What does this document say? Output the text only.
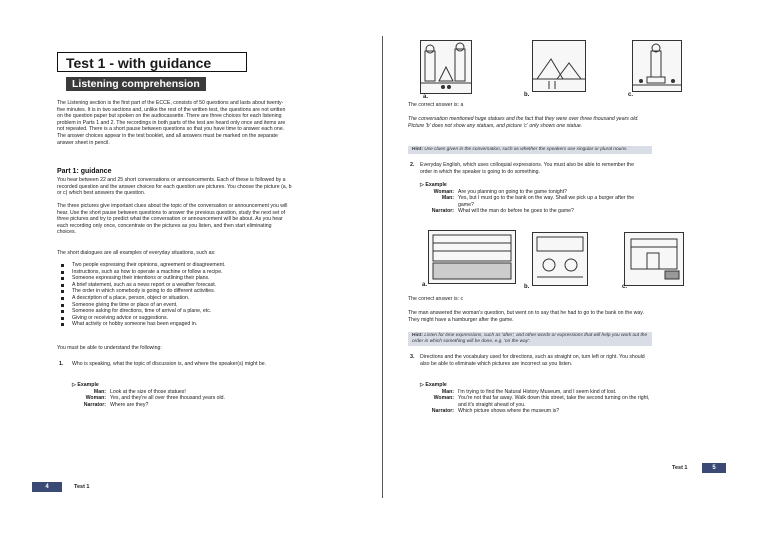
Test 1 - with guidance
Listening comprehension
The Listening section is the first part of the ECCE, consists of 50 questions and lasts about twenty-five minutes. It is in two sections and, unlike the rest of the written test, the questions are not written on the question paper but spoken on the audiocassette. There are three choices for each listening problem in Parts 1 and 2. The recordings in both parts of the test are heard only once and items are not repeated. There is a short pause between questions so that you have time to answer each one. The answer choices appear in the test booklet, and all answers must be marked on the separate answer sheet in pencil.
Part 1: guidance
You hear between 22 and 25 short conversations or announcements. Each of these is followed by a recorded question and the answer choices for each question are pictures. You choose the picture (a, b or c) which best answers the question.
The three pictures give important clues about the topic of the conversation or announcement you will hear. Use the short pause between questions to answer the previous question, study the next set of three pictures and try to predict what the conversation or announcement will be about. As you hear each recording only once, concentrate on the pictures as you listen, and then start eliminating choices.
The short dialogues are all examples of everyday situations, such as:
Two people expressing their opinions, agreement or disagreement.
Instructions, such as how to operate a machine or follow a recipe.
Someone expressing their intentions or outlining their plans.
A brief statement, such as a news report or a weather forecast.
The order in which somebody is going to do different activities.
A description of a place, person, object or situation.
Someone giving the time or place of an event.
Someone asking for directions, time of arrival of a plane, etc.
Giving or receiving advice or suggestions.
What activity or hobby someone has been engaged in.
You must be able to understand the following:
1. Who is speaking, what the topic of discussion is, and where the speaker(s) might be.
▷ Example
Man: Look at the size of those statues!
Woman: Yes, and they're all over three thousand years old.
Narrator: Where are they?
4	Test 1
a.	b.	c.
The correct answer is: a
The conversation mentioned huge statues and the fact that they were over three thousand years old. Picture 'b' does not show any statues, and picture 'c' only shows one statue.
Hint: Use clues given in the conversation, such as whether the speakers use singular or plural nouns.
2. Everyday English, which uses colloquial expressions. You must also be able to remember the order in which the speaker is going to do something.
▷ Example
Woman: Are you planning on going to the game tonight?
Man: Yes, but I must go to the bank on the way. Shall we pick up a burger after the game?
Narrator: What will the man do before he goes to the game?
a.	b.	c.
The correct answer is: c
The man answered the woman's question, but went on to say that he had to go to the bank on the way. They might have a hamburger after the game.
Hint: Listen for time expressions, such as 'after', and other words or expressions that will help you work out the order in which something will be done, e.g. 'on the way'.
3. Directions and the vocabulary used for directions, such as straight on, turn left or right. You should also be able to eliminate which pictures are incorrect as you listen.
▷ Example
Man: I'm trying to find the Natural History Museum, and I seem kind of lost.
Woman: You're not that far away. Walk down this street, take the second turning on the right, and it's straight ahead of you.
Narrator: Which picture shows where the museum is?
Test 1	5
